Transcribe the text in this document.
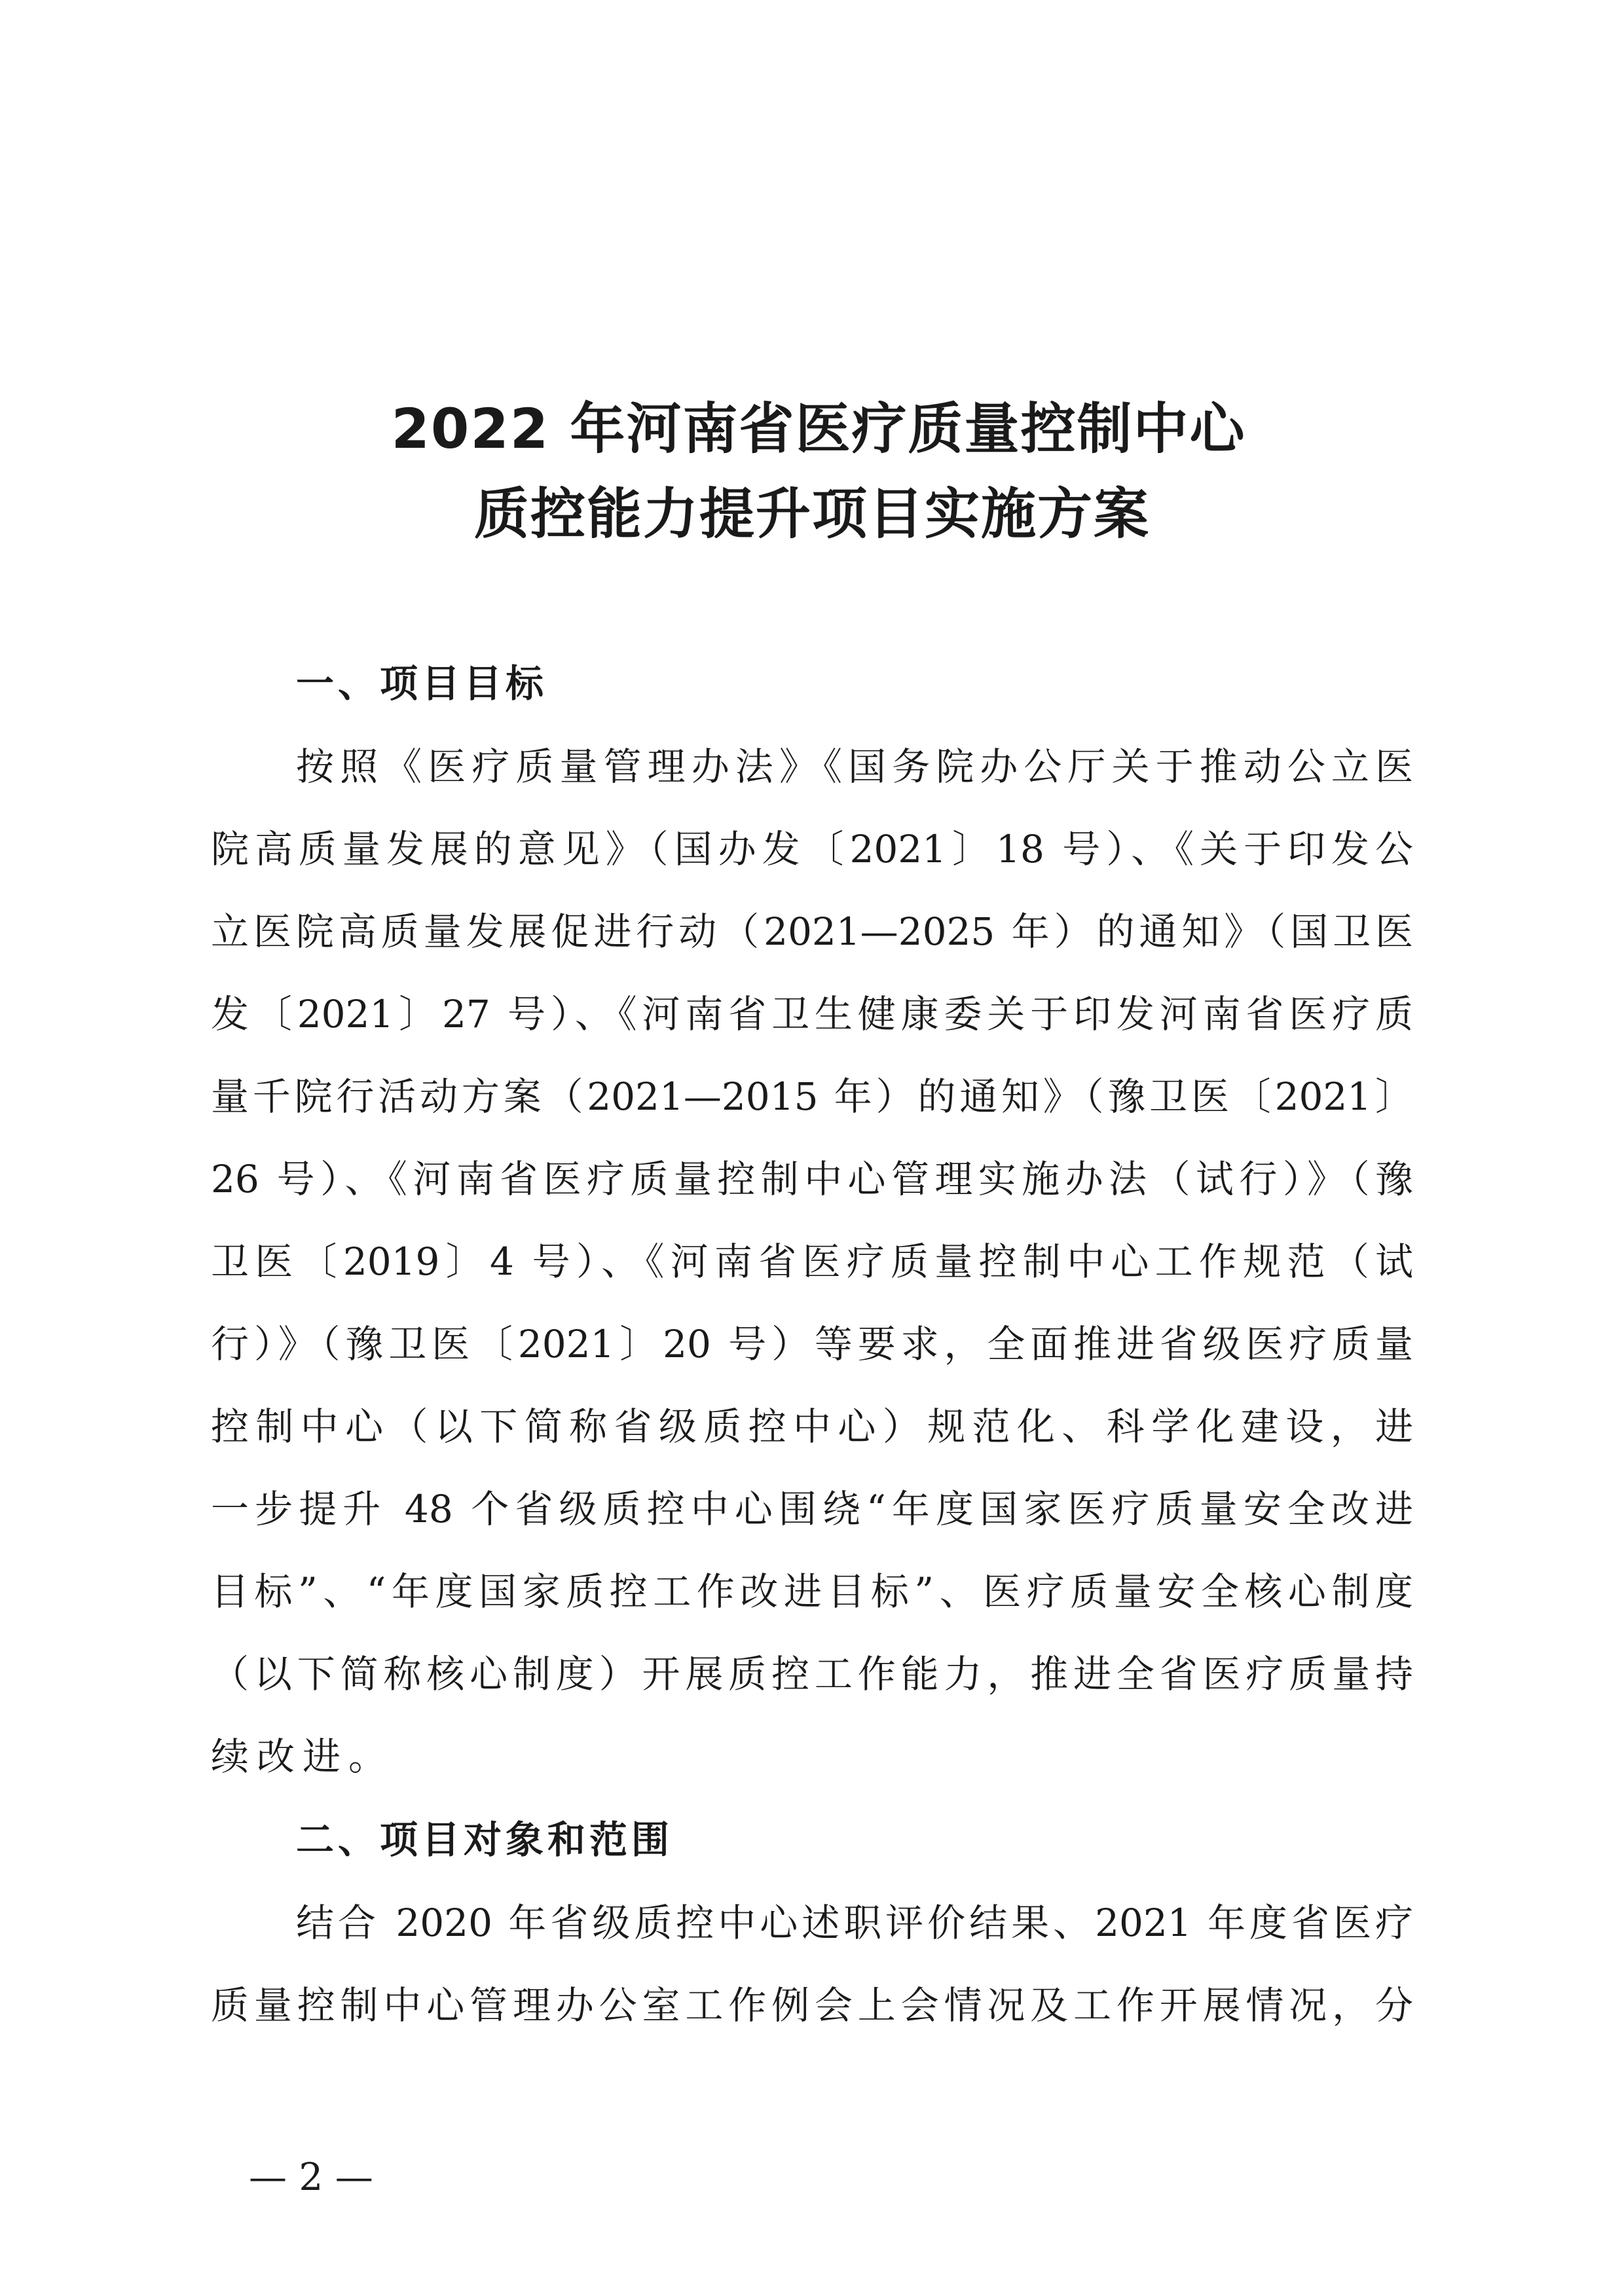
2022 年河南省医疗质量控制中心
质控能力提升项目实施方案
一、项目目标
按照《医疗质量管理办法》《国务院办公厅关于推动公立医
院高质量发展的意见》（国办发〔2021〕18 号）、《关于印发公
立医院高质量发展促进行动（2021—2025 年）的通知》（国卫医
发〔2021〕27 号）、《河南省卫生健康委关于印发河南省医疗质
量千院行活动方案（2021—2015 年）的通知》（豫卫医〔2021〕
26 号）、《河南省医疗质量控制中心管理实施办法（试行）》（豫
卫医〔2019〕4 号）、《河南省医疗质量控制中心工作规范（试
行）》（豫卫医〔2021〕20 号）等要求，全面推进省级医疗质量
控制中心（以下简称省级质控中心）规范化、科学化建设，进
一步提升 48 个省级质控中心围绕“年度国家医疗质量安全改进
目标”、“年度国家质控工作改进目标”、医疗质量安全核心制度
（以下简称核心制度）开展质控工作能力，推进全省医疗质量持
续改进。
二、项目对象和范围
结合 2020 年省级质控中心述职评价结果、2021 年度省医疗
质量控制中心管理办公室工作例会上会情况及工作开展情况，分
— 2 —
